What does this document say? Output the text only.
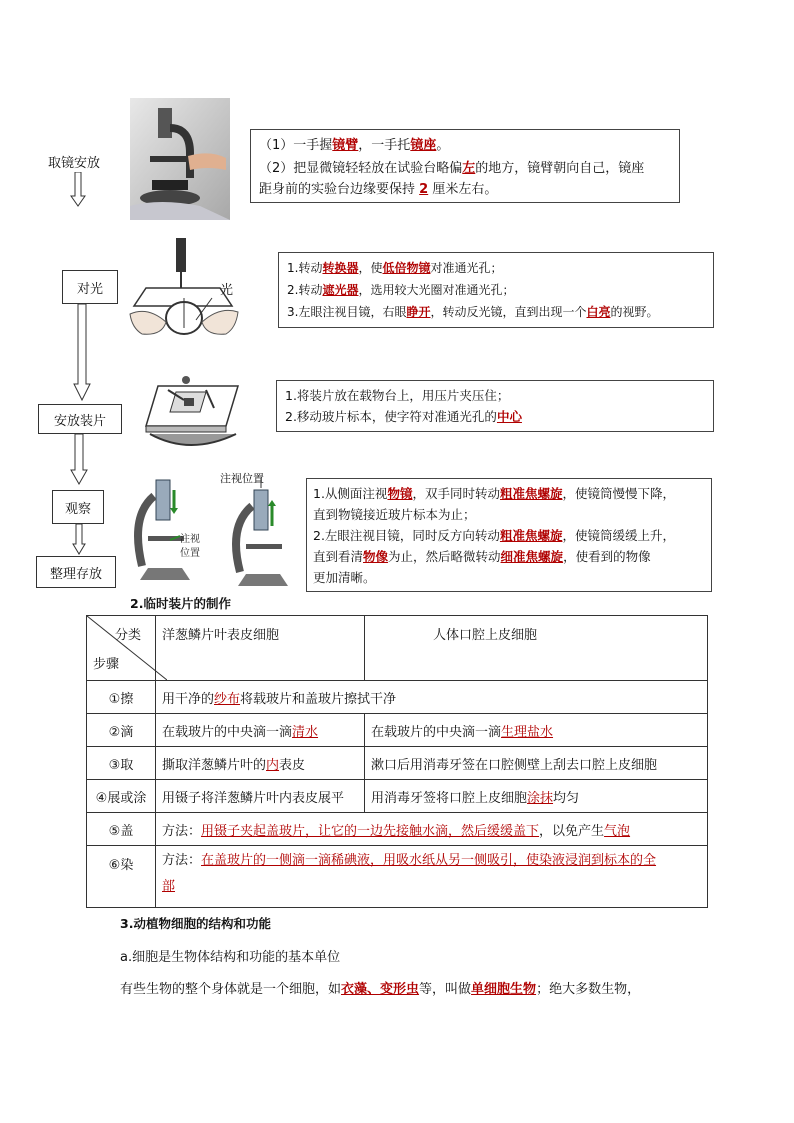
取镜安放
对光
安放装片
观察
整理存放
光
注视位置
注视
位置
（1）一手握镜臂，一手托镜座。
（2）把显微镜轻轻放在试验台略偏左的地方，镜臂朝向自己，镜座
距身前的实验台边缘要保持 2 厘米左右。
1.转动转换器，使低倍物镜对准通光孔；
2.转动遮光器，选用较大光圈对准通光孔；
3.左眼注视目镜，右眼睁开，转动反光镜，直到出现一个白亮的视野。
1.将装片放在载物台上，用压片夹压住；
2.移动玻片标本，使字符对准通光孔的中心
1.从侧面注视物镜，双手同时转动粗准焦螺旋，使镜筒慢慢下降，
直到物镜接近玻片标本为止；
2.左眼注视目镜，同时反方向转动粗准焦螺旋，使镜筒缓缓上升，
直到看清物像为止，然后略微转动细准焦螺旋，使看到的物像
更加清晰。
2.临时装片的制作
分类
步骤	洋葱鳞片叶表皮细胞	人体口腔上皮细胞
①擦	用干净的纱布将载玻片和盖玻片擦拭干净	
②滴	在载玻片的中央滴一滴清水	在载玻片的中央滴一滴生理盐水
③取	撕取洋葱鳞片叶的内表皮	漱口后用消毒牙签在口腔侧壁上刮去口腔上皮细胞
④展或涂	用镊子将洋葱鳞片叶内表皮展平	用消毒牙签将口腔上皮细胞涂抹均匀
⑤盖	方法：用镊子夹起盖玻片，让它的一边先接触水滴，然后缓缓盖下，以免产生气泡	
⑥染	方法：在盖玻片的一侧滴一滴稀碘液，用吸水纸从另一侧吸引，使染液浸润到标本的全
部	
3.动植物细胞的结构和功能
a.细胞是生物体结构和功能的基本单位
有些生物的整个身体就是一个细胞，如衣藻、变形虫等，叫做单细胞生物；绝大多数生物，
